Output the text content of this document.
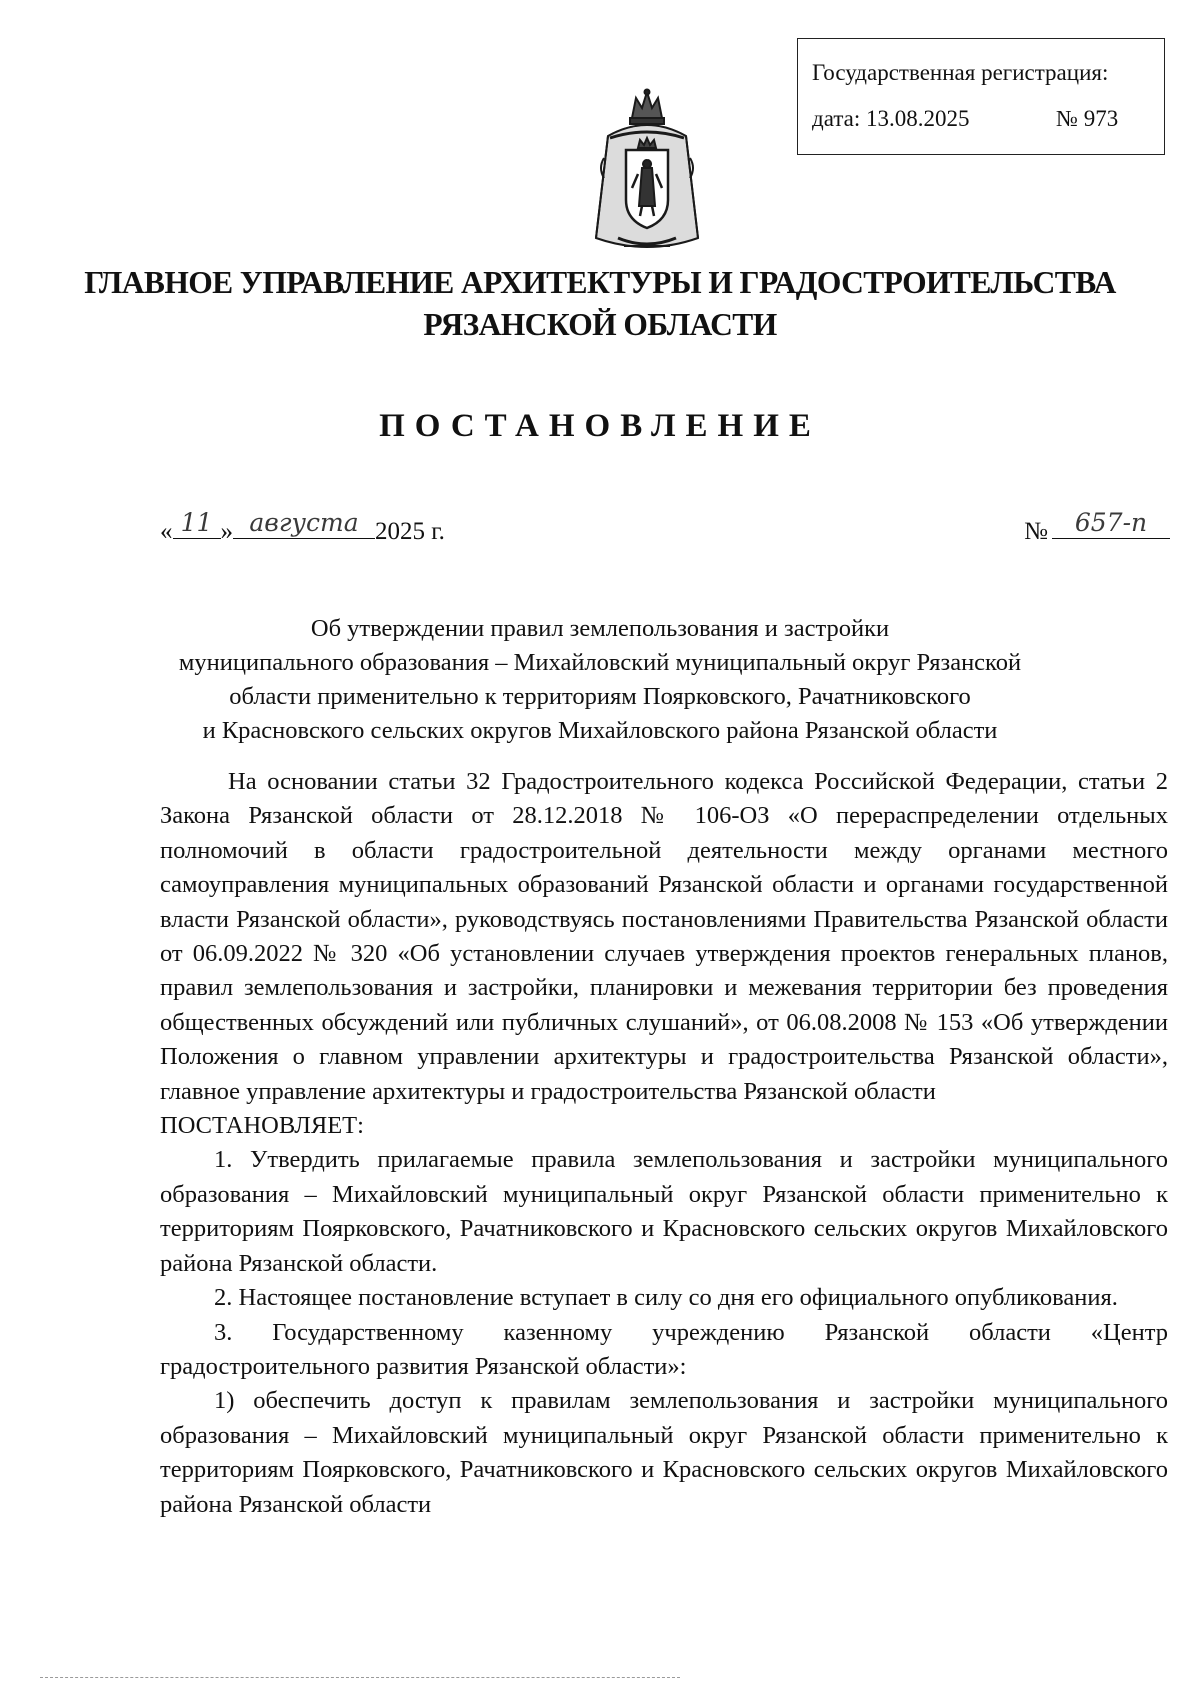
Государственная регистрация:
дата: 13.08.2025	№ 973
ГЛАВНОЕ УПРАВЛЕНИЕ АРХИТЕКТУРЫ И ГРАДОСТРОИТЕЛЬСТВА
РЯЗАНСКОЙ ОБЛАСТИ
ПОСТАНОВЛЕНИЕ
« 11 » августа 2025 г.	№	657-п
Об утверждении правил землепользования и застройки
муниципального образования – Михайловский муниципальный округ Рязанской
области применительно к территориям Поярковского, Рачатниковского
и Красновского сельских округов Михайловского района Рязанской области

На основании статьи 32 Градостроительного кодекса Российской Федерации, статьи 2 Закона Рязанской области от 28.12.2018 № 106-ОЗ «О перераспределении отдельных полномочий в области градостроительной деятельности между органами местного самоуправления муниципальных образований Рязанской области и органами государственной власти Рязанской области», руководствуясь постановлениями Правительства Рязанской области от 06.09.2022 № 320 «Об установлении случаев утверждения проектов генеральных планов, правил землепользования и застройки, планировки и межевания территории без проведения общественных обсуждений или публичных слушаний», от 06.08.2008 № 153 «Об утверждении Положения о главном управлении архитектуры и градостроительства Рязанской области», главное управление архитектуры и градостроительства Рязанской области

ПОСТАНОВЛЯЕТ:

1. Утвердить прилагаемые правила землепользования и застройки муниципального образования – Михайловский муниципальный округ Рязанской области применительно к территориям Поярковского, Рачатниковского и Красновского сельских округов Михайловского района Рязанской области.

2. Настоящее постановление вступает в силу со дня его официального опубликования.

3. Государственному казенному учреждению Рязанской области «Центр градостроительного развития Рязанской области»:

1) обеспечить доступ к правилам землепользования и застройки муниципального образования – Михайловский муниципальный округ Рязанской области применительно к территориям Поярковского, Рачатниковского и Красновского сельских округов Михайловского района Рязанской области
